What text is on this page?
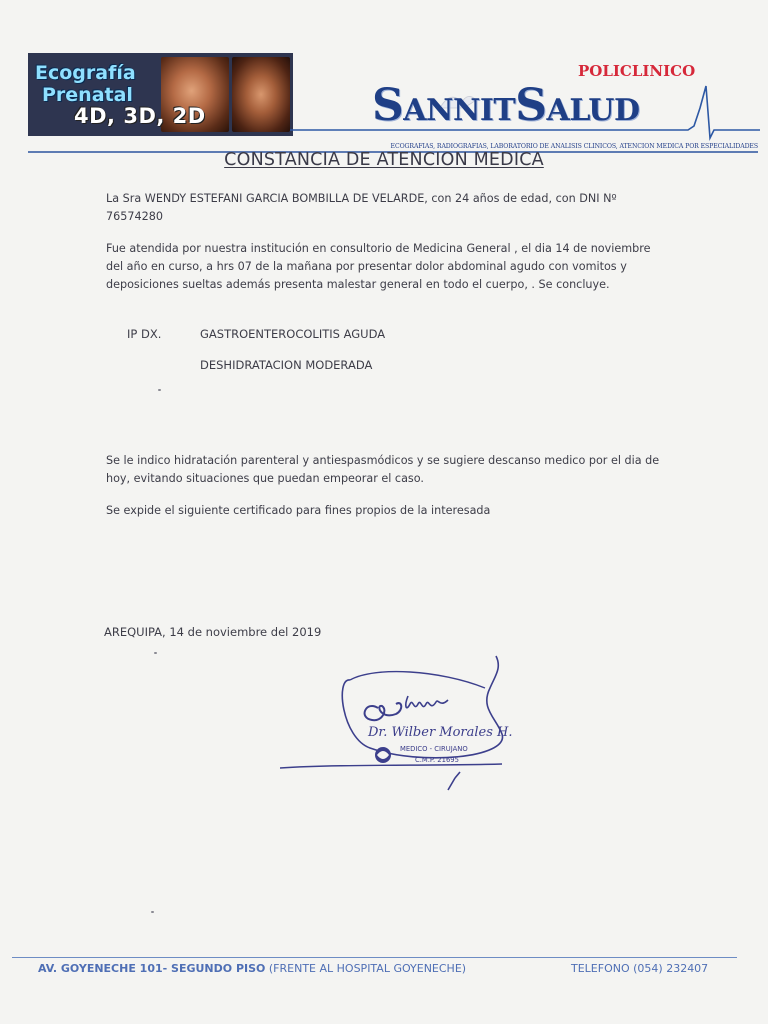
Ecografía
Prenatal
4D, 3D, 2D
POLICLINICO
SANNITSALUD
ECOGRAFIAS, RADIOGRAFIAS, LABORATORIO DE ANALISIS CLINICOS, ATENCION MEDICA POR ESPECIALIDADES
CONSTANCIA DE ATENCION MEDICA
La Sra WENDY ESTEFANI GARCIA BOMBILLA DE VELARDE, con 24 años de edad, con DNI Nº 76574280
Fue atendida por nuestra institución en consultorio de Medicina General , el dia 14 de noviembre del año en curso, a hrs 07 de la mañana por presentar dolor abdominal agudo con vomitos y deposiciones sueltas además presenta malestar general en todo el cuerpo, . Se concluye.
IP DX.	GASTROENTEROCOLITIS AGUDA
DESHIDRATACION MODERADA
Se le indico hidratación parenteral y antiespasmódicos y se sugiere descanso medico por el dia de hoy, evitando situaciones que puedan empeorar el caso.
Se expide el siguiente certificado para fines propios de la interesada
AREQUIPA, 14 de noviembre del 2019
Dr. Wilber Morales H.
MEDICO - CIRUJANO
C.M.P. 21695
AV. GOYENECHE 101- SEGUNDO PISO (FRENTE AL HOSPITAL GOYENECHE)	TELEFONO (054) 232407
